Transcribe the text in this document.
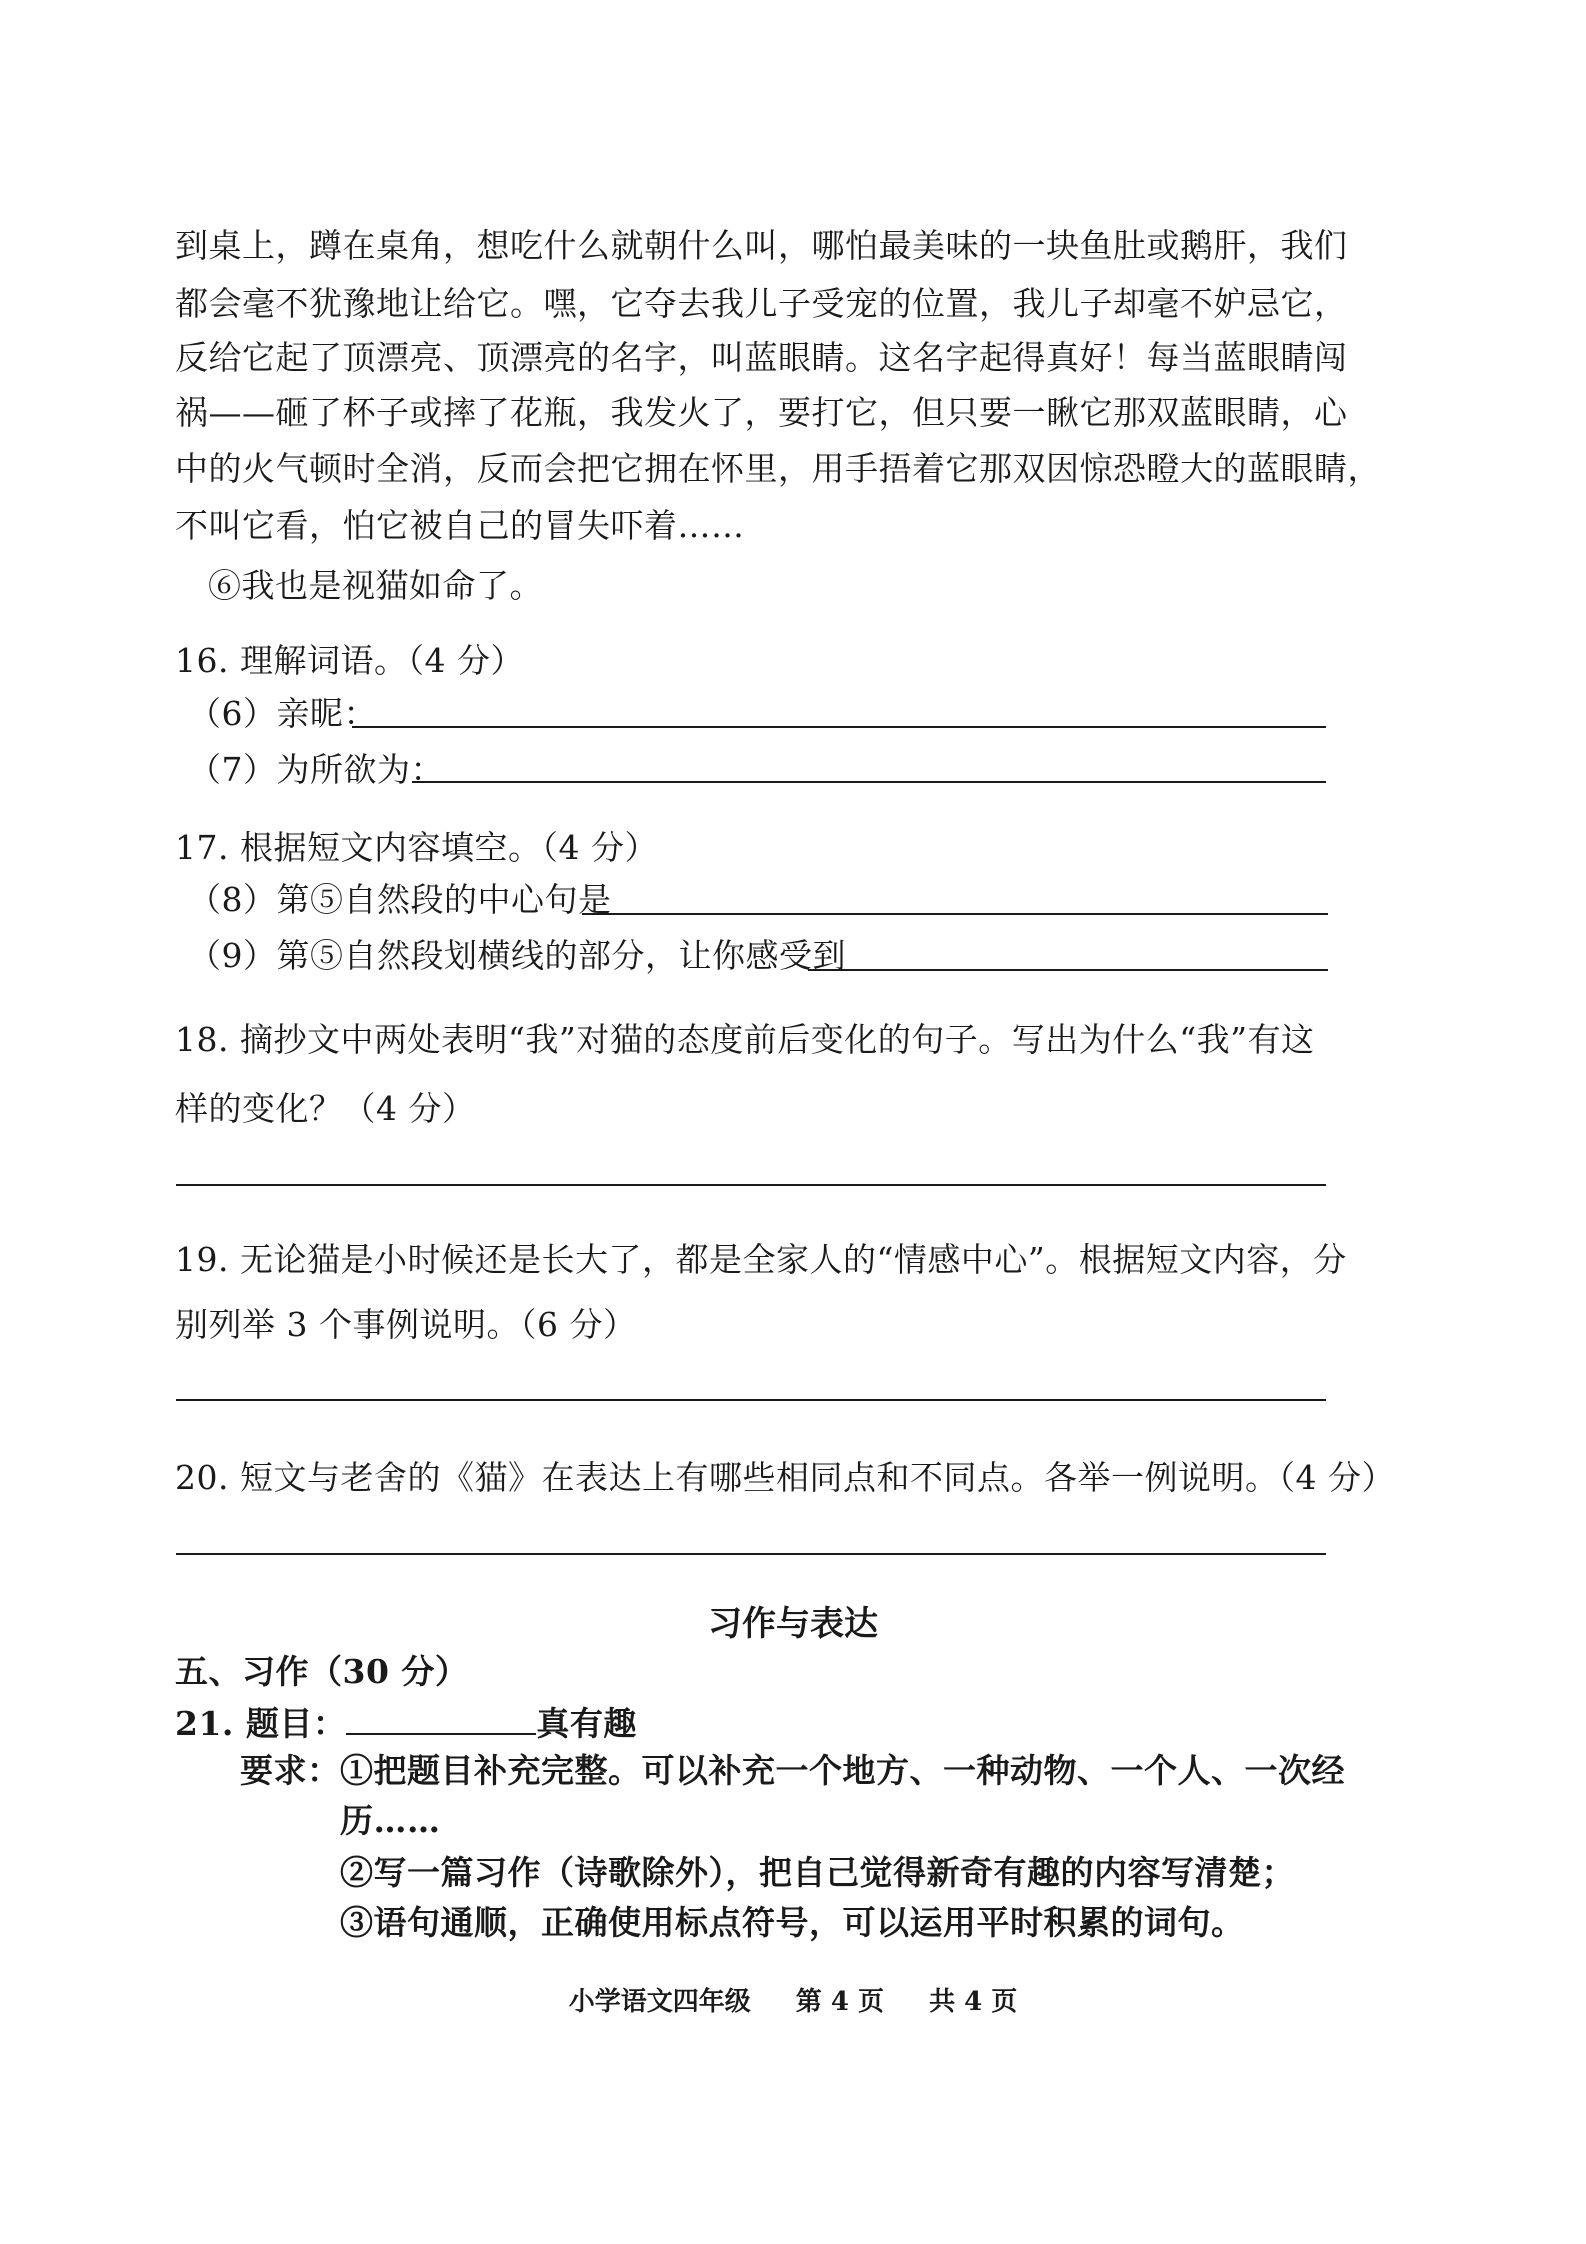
到桌上，蹲在桌角，想吃什么就朝什么叫，哪怕最美味的一块鱼肚或鹅肝，我们
都会毫不犹豫地让给它。嘿，它夺去我儿子受宠的位置，我儿子却毫不妒忌它，
反给它起了顶漂亮、顶漂亮的名字，叫蓝眼睛。这名字起得真好！每当蓝眼睛闯
祸——砸了杯子或摔了花瓶，我发火了，要打它，但只要一瞅它那双蓝眼睛，心
中的火气顿时全消，反而会把它拥在怀里，用手捂着它那双因惊恐瞪大的蓝眼睛，
不叫它看，怕它被自己的冒失吓着……
⑥我也是视猫如命了。
16. 理解词语。（4 分）
（6）亲昵：
（7）为所欲为：
17. 根据短文内容填空。（4 分）
（8）第⑤自然段的中心句是
（9）第⑤自然段划横线的部分，让你感受到
18. 摘抄文中两处表明“我”对猫的态度前后变化的句子。写出为什么“我”有这
样的变化？（4 分）
19. 无论猫是小时候还是长大了，都是全家人的“情感中心”。根据短文内容，分
别列举 3 个事例说明。（6 分）
20. 短文与老舍的《猫》在表达上有哪些相同点和不同点。各举一例说明。（4 分）
习作与表达
五、习作（30 分）
21. 题目：	真有趣
要求： ①把题目补充完整。可以补充一个地方、一种动物、一个人、一次经
历……
②写一篇习作（诗歌除外），把自己觉得新奇有趣的内容写清楚；
③语句通顺，正确使用标点符号，可以运用平时积累的词句。
小学语文四年级 第 4 页 共 4 页
